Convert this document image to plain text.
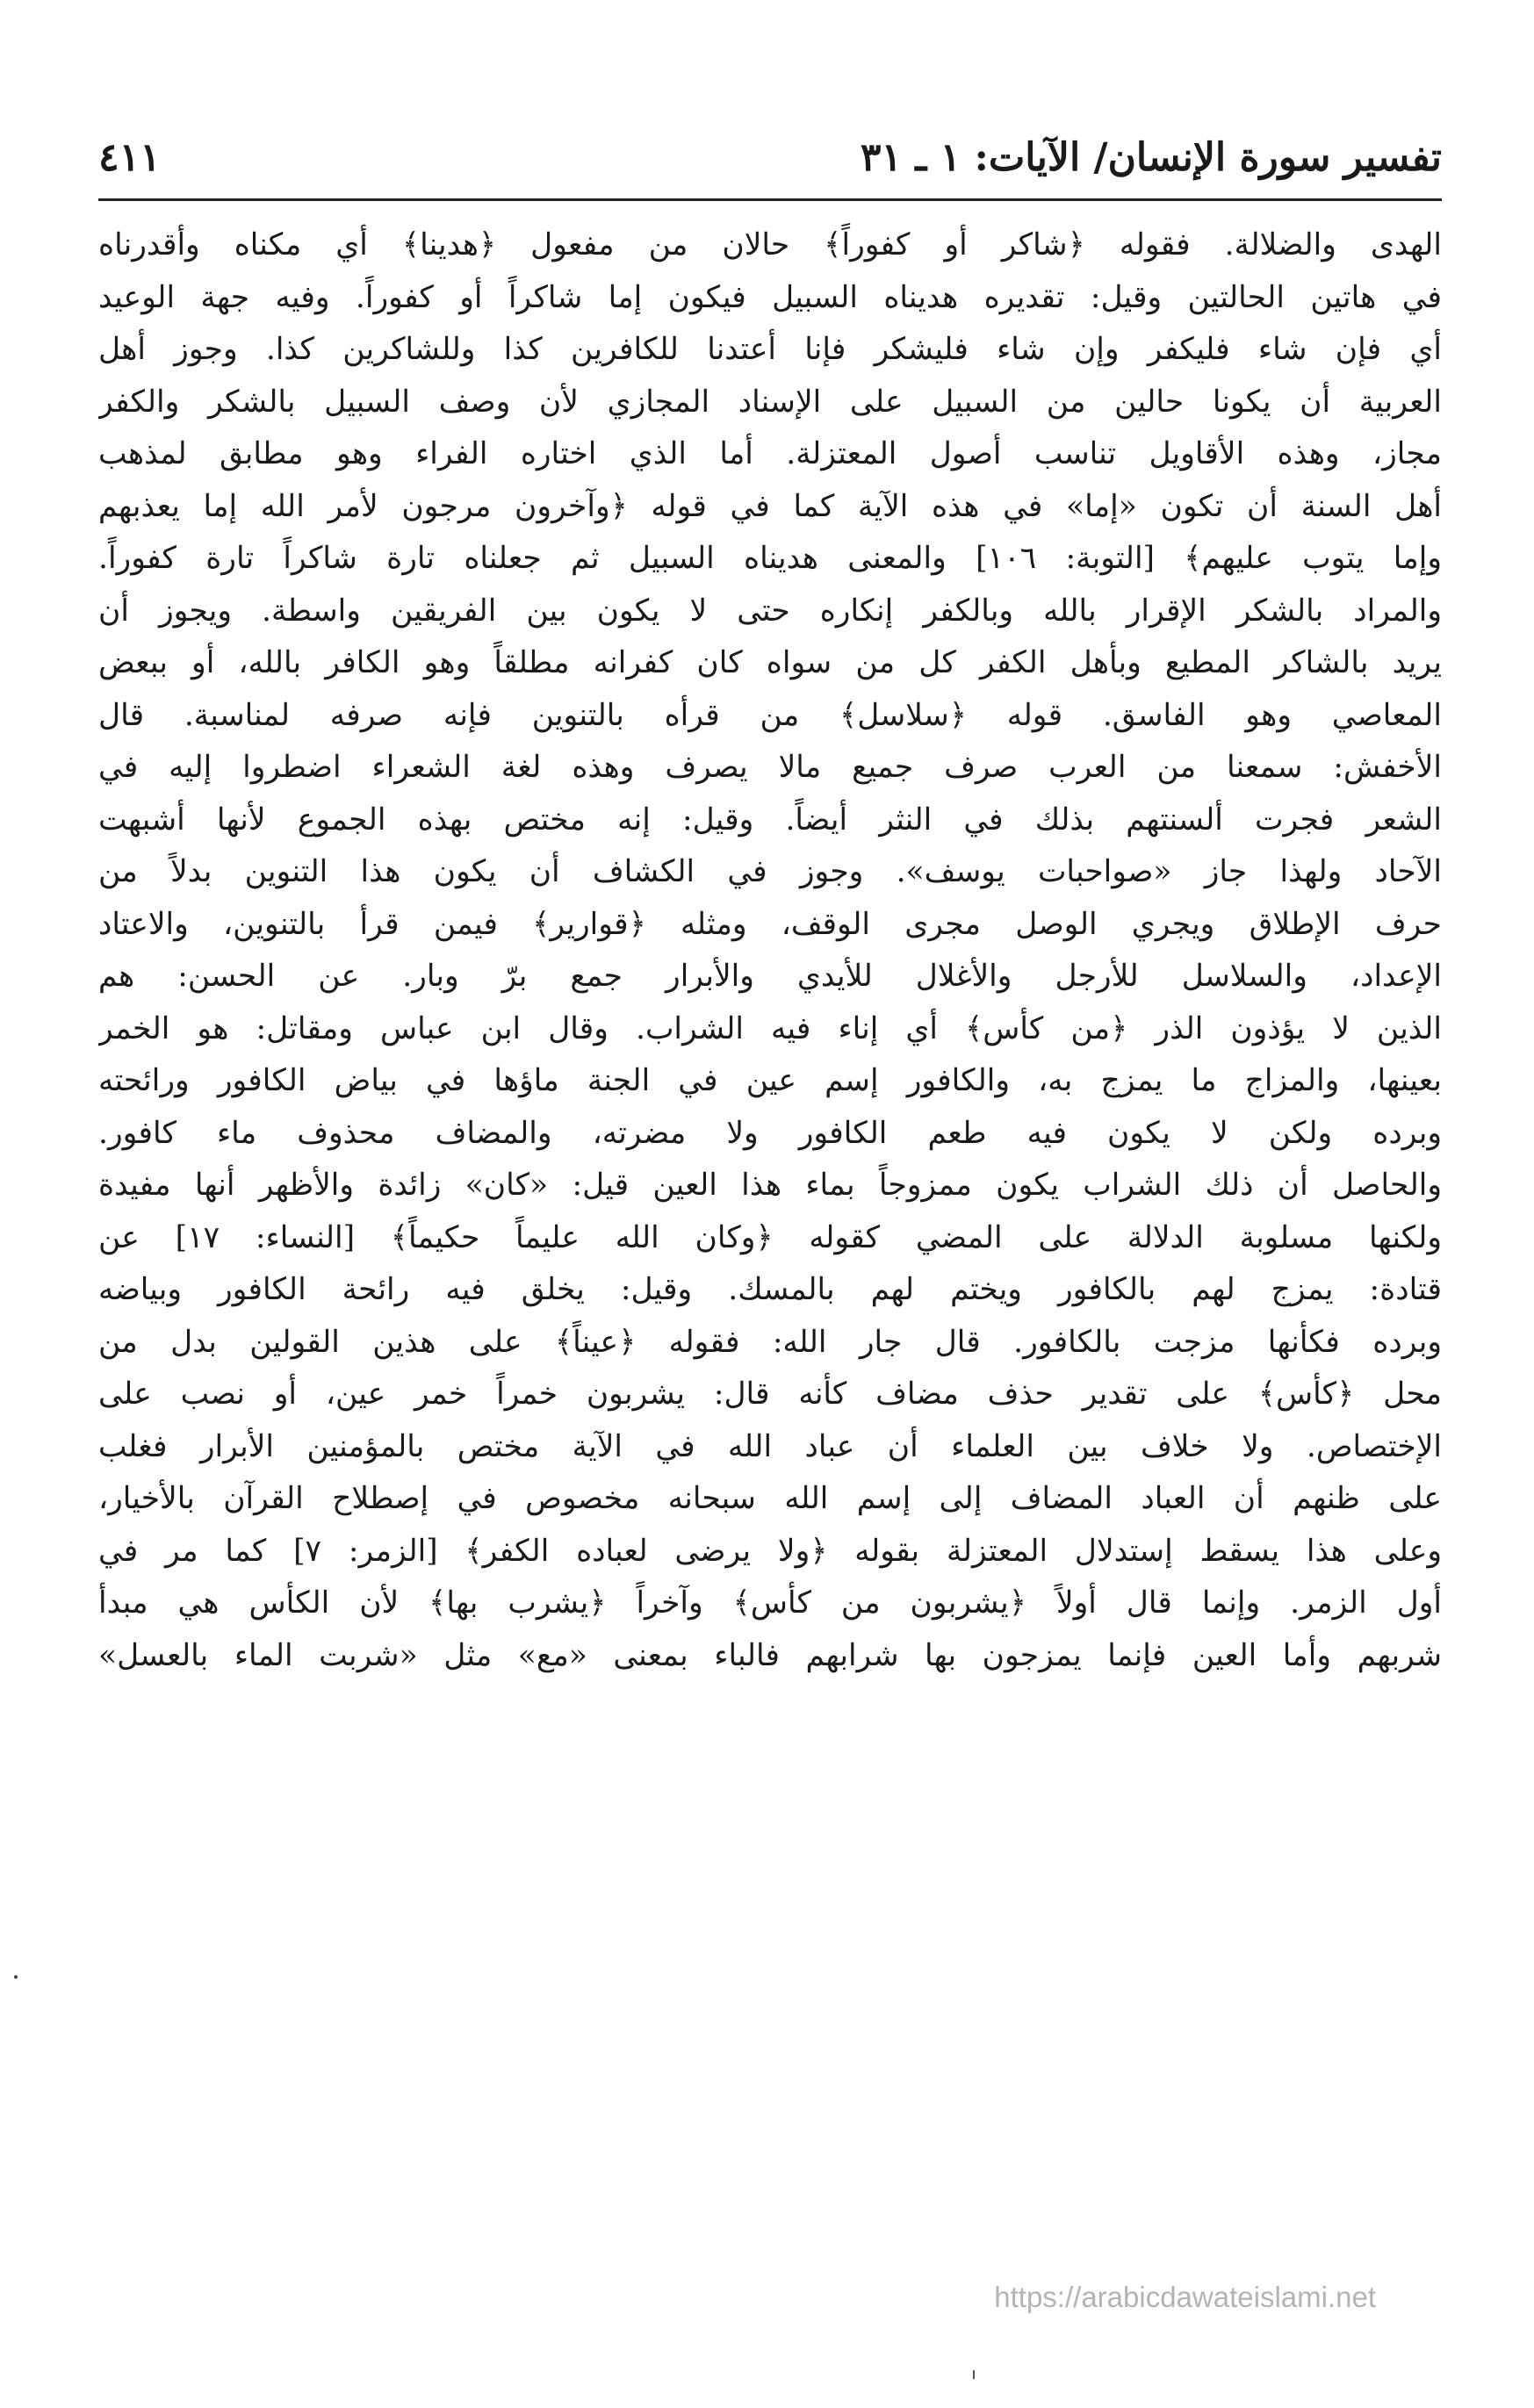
تفسير سورة الإنسان/ الآيات: ١ ـ ٣١
٤١١
الهدى والضلالة. فقوله ﴿شاكر أو كفوراً﴾ حالان من مفعول ﴿هدينا﴾ أي مكناه وأقدرناه
في هاتين الحالتين وقيل: تقديره هديناه السبيل فيكون إما شاكراً أو كفوراً. وفيه جهة الوعيد
أي فإن شاء فليكفر وإن شاء فليشكر فإنا أعتدنا للكافرين كذا وللشاكرين كذا. وجوز أهل
العربية أن يكونا حالين من السبيل على الإسناد المجازي لأن وصف السبيل بالشكر والكفر
مجاز، وهذه الأقاويل تناسب أصول المعتزلة. أما الذي اختاره الفراء وهو مطابق لمذهب
أهل السنة أن تكون «إما» في هذه الآية كما في قوله ﴿وآخرون مرجون لأمر الله إما يعذبهم
وإما يتوب عليهم﴾ [التوبة: ١٠٦] والمعنى هديناه السبيل ثم جعلناه تارة شاكراً تارة كفوراً.
والمراد بالشكر الإقرار بالله وبالكفر إنكاره حتى لا يكون بين الفريقين واسطة. ويجوز أن
يريد بالشاكر المطيع وبأهل الكفر كل من سواه كان كفرانه مطلقاً وهو الكافر بالله، أو ببعض
المعاصي وهو الفاسق. قوله ﴿سلاسل﴾ من قرأه بالتنوين فإنه صرفه لمناسبة. قال
الأخفش: سمعنا من العرب صرف جميع مالا يصرف وهذه لغة الشعراء اضطروا إليه في
الشعر فجرت ألسنتهم بذلك في النثر أيضاً. وقيل: إنه مختص بهذه الجموع لأنها أشبهت
الآحاد ولهذا جاز «صواحبات يوسف». وجوز في الكشاف أن يكون هذا التنوين بدلاً من
حرف الإطلاق ويجري الوصل مجرى الوقف، ومثله ﴿قوارير﴾ فيمن قرأ بالتنوين، والاعتاد
الإعداد، والسلاسل للأرجل والأغلال للأيدي والأبرار جمع برّ وبار. عن الحسن: هم
الذين لا يؤذون الذر ﴿من كأس﴾ أي إناء فيه الشراب. وقال ابن عباس ومقاتل: هو الخمر
بعينها، والمزاج ما يمزج به، والكافور إسم عين في الجنة ماؤها في بياض الكافور ورائحته
وبرده ولكن لا يكون فيه طعم الكافور ولا مضرته، والمضاف محذوف ماء كافور.
والحاصل أن ذلك الشراب يكون ممزوجاً بماء هذا العين قيل: «كان» زائدة والأظهر أنها مفيدة
ولكنها مسلوبة الدلالة على المضي كقوله ﴿وكان الله عليماً حكيماً﴾ [النساء: ١٧] عن
قتادة: يمزج لهم بالكافور ويختم لهم بالمسك. وقيل: يخلق فيه رائحة الكافور وبياضه
وبرده فكأنها مزجت بالكافور. قال جار الله: فقوله ﴿عيناً﴾ على هذين القولين بدل من
محل ﴿كأس﴾ على تقدير حذف مضاف كأنه قال: يشربون خمراً خمر عين، أو نصب على
الإختصاص. ولا خلاف بين العلماء أن عباد الله في الآية مختص بالمؤمنين الأبرار فغلب
على ظنهم أن العباد المضاف إلى إسم الله سبحانه مخصوص في إصطلاح القرآن بالأخيار،
وعلى هذا يسقط إستدلال المعتزلة بقوله ﴿ولا يرضى لعباده الكفر﴾ [الزمر: ٧] كما مر في
أول الزمر. وإنما قال أولاً ﴿يشربون من كأس﴾ وآخراً ﴿يشرب بها﴾ لأن الكأس هي مبدأ
شربهم وأما العين فإنما يمزجون بها شرابهم فالباء بمعنى «مع» مثل «شربت الماء بالعسل»
https://arabicdawateislami.net
